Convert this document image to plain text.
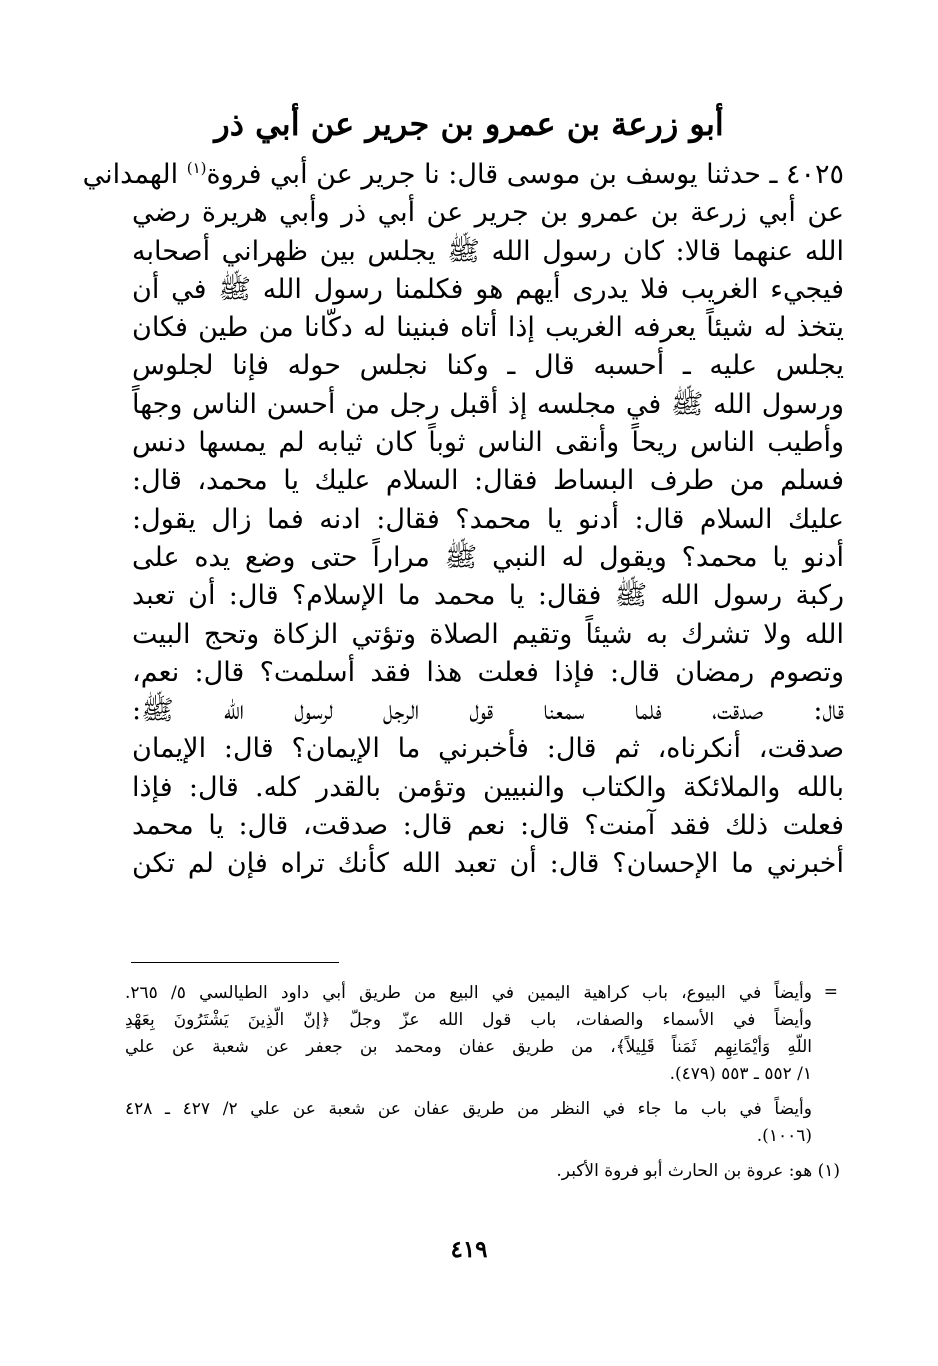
أبو زرعة بن عمرو بن جرير عن أبي ذر
٤٠٢٥ ـ حدثنا يوسف بن موسى قال: نا جرير عن أبي فروة$^{(١)}$ الهمداني
عن أبي زرعة بن عمرو بن جرير عن أبي ذر وأبي هريرة رضي
الله عنهما قالا: كان رسول الله ﷺ يجلس بين ظهراني أصحابه
فيجيء الغريب فلا يدرى أيهم هو فكلمنا رسول الله ﷺ في أن
يتخذ له شيئاً يعرفه الغريب إذا أتاه فبنينا له دكّانا من طين فكان
يجلس عليه ـ أحسبه قال ـ وكنا نجلس حوله فإنا لجلوس
ورسول الله ﷺ في مجلسه إذ أقبل رجل من أحسن الناس وجهاً
وأطيب الناس ريحاً وأنقى الناس ثوباً كان ثيابه لم يمسها دنس
فسلم من طرف البساط فقال: السلام عليك يا محمد، قال:
عليك السلام قال: أدنو يا محمد؟ فقال: ادنه فما زال يقول:
أدنو يا محمد؟ ويقول له النبي ﷺ مراراً حتى وضع يده على
ركبة رسول الله ﷺ فقال: يا محمد ما الإسلام؟ قال: أن تعبد
الله ولا تشرك به شيئاً وتقيم الصلاة وتؤتي الزكاة وتحج البيت
وتصوم رمضان قال: فإذا فعلت هذا فقد أسلمت؟ قال: نعم،
قال: صدقت، فلما سمعنا قول الرجل لرسول الله ﷺ:
صدقت، أنكرناه، ثم قال: فأخبرني ما الإيمان؟ قال: الإيمان
بالله والملائكة والكتاب والنبيين وتؤمن بالقدر كله. قال: فإذا
فعلت ذلك فقد آمنت؟ قال: نعم قال: صدقت، قال: يا محمد
أخبرني ما الإحسان؟ قال: أن تعبد الله كأنك تراه فإن لم تكن
وأيضاً في البيوع، باب كراهية اليمين في البيع من طريق أبي داود الطيالسي ٥/ ٢٦٥.
وأيضاً في الأسماء والصفات، باب قول الله عزّ وجلّ ﴿إنّ الّذِينَ يَشْتَرُونَ بِعَهْدِ
اللّهِ وَأيْمَانِهِم ثَمَناً قَلِيلاً﴾، من طريق عفان ومحمد بن جعفر عن شعبة عن علي
١/ ٥٥٢ ـ ٥٥٣ (٤٧٩).
وأيضاً في باب ما جاء في النظر من طريق عفان عن شعبة عن علي ٢/ ٤٢٧ ـ ٤٢٨
(١٠٠٦).
(١) هو: عروة بن الحارث أبو فروة الأكبر.
=
٤١٩
